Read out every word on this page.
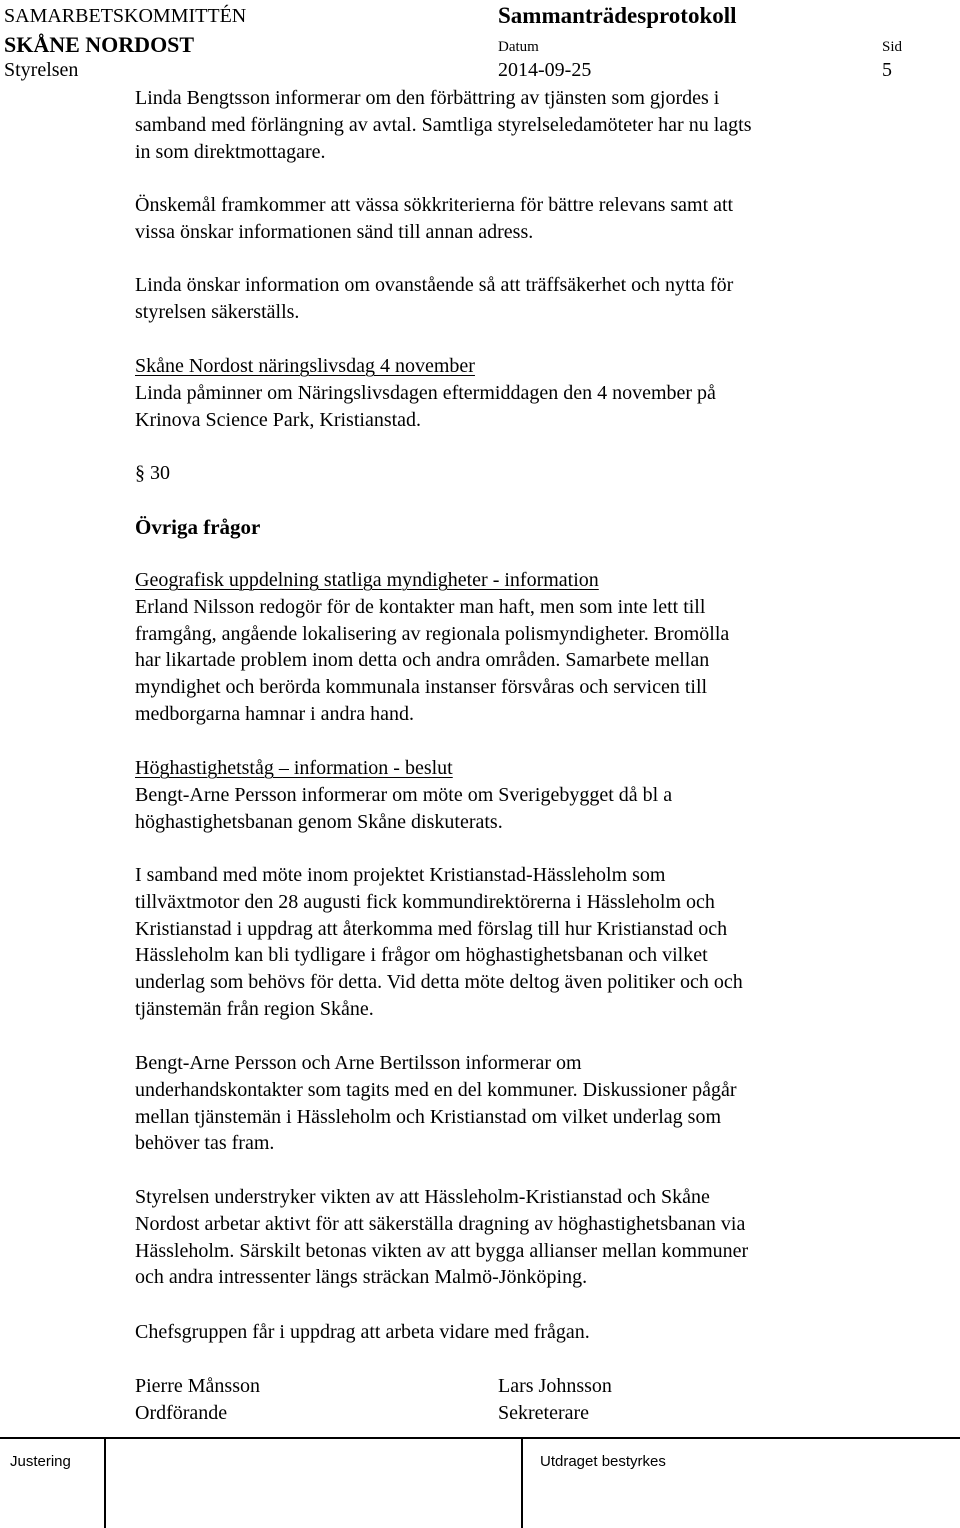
SAMARBETSKOMMITTÉN
SKÅNE NORDOST
Styrelsen
Sammanträdesprotokoll
Datum
2014-09-25
Sid
5
Linda Bengtsson informerar om den förbättring av tjänsten som gjordes i
samband med förlängning av avtal. Samtliga styrelseledamöteter har nu lagts
in som direktmottagare.
Önskemål framkommer att vässa sökkriterierna för bättre relevans samt att
vissa önskar informationen sänd till annan adress.
Linda önskar information om ovanstående så att träffsäkerhet och nytta för
styrelsen säkerställs.
Skåne Nordost näringslivsdag 4 november
Linda påminner om Näringslivsdagen eftermiddagen den 4 november på
Krinova Science Park, Kristianstad.
§ 30
Övriga frågor
Geografisk uppdelning statliga myndigheter - information
Erland Nilsson redogör för de kontakter man haft, men som inte lett till
framgång, angående lokalisering av regionala polismyndigheter. Bromölla
har likartade problem inom detta och andra områden. Samarbete mellan
myndighet och berörda kommunala instanser försvåras och servicen till
medborgarna hamnar i andra hand.
Höghastighetståg – information - beslut
Bengt-Arne Persson informerar om möte om Sverigebygget då bl a
höghastighetsbanan genom Skåne diskuterats.
I samband med möte inom projektet Kristianstad-Hässleholm som
tillväxtmotor den 28 augusti fick kommundirektörerna i Hässleholm och
Kristianstad i uppdrag att återkomma med förslag till hur Kristianstad och
Hässleholm kan bli tydligare i frågor om höghastighetsbanan och vilket
underlag som behövs för detta. Vid detta möte deltog även politiker och och
tjänstemän från region Skåne.
Bengt-Arne Persson och Arne Bertilsson informerar om
underhandskontakter som tagits med en del kommuner. Diskussioner pågår
mellan tjänstemän i Hässleholm och Kristianstad om vilket underlag som
behöver tas fram.
Styrelsen understryker vikten av att Hässleholm-Kristianstad och Skåne
Nordost arbetar aktivt för att säkerställa dragning av höghastighetsbanan via
Hässleholm. Särskilt betonas vikten av att bygga allianser mellan kommuner
och andra intressenter längs sträckan Malmö-Jönköping.
Chefsgruppen får i uppdrag att arbeta vidare med frågan.
Pierre Månsson
Ordförande
Lars Johnsson
Sekreterare
Justering	Utdraget bestyrkes
